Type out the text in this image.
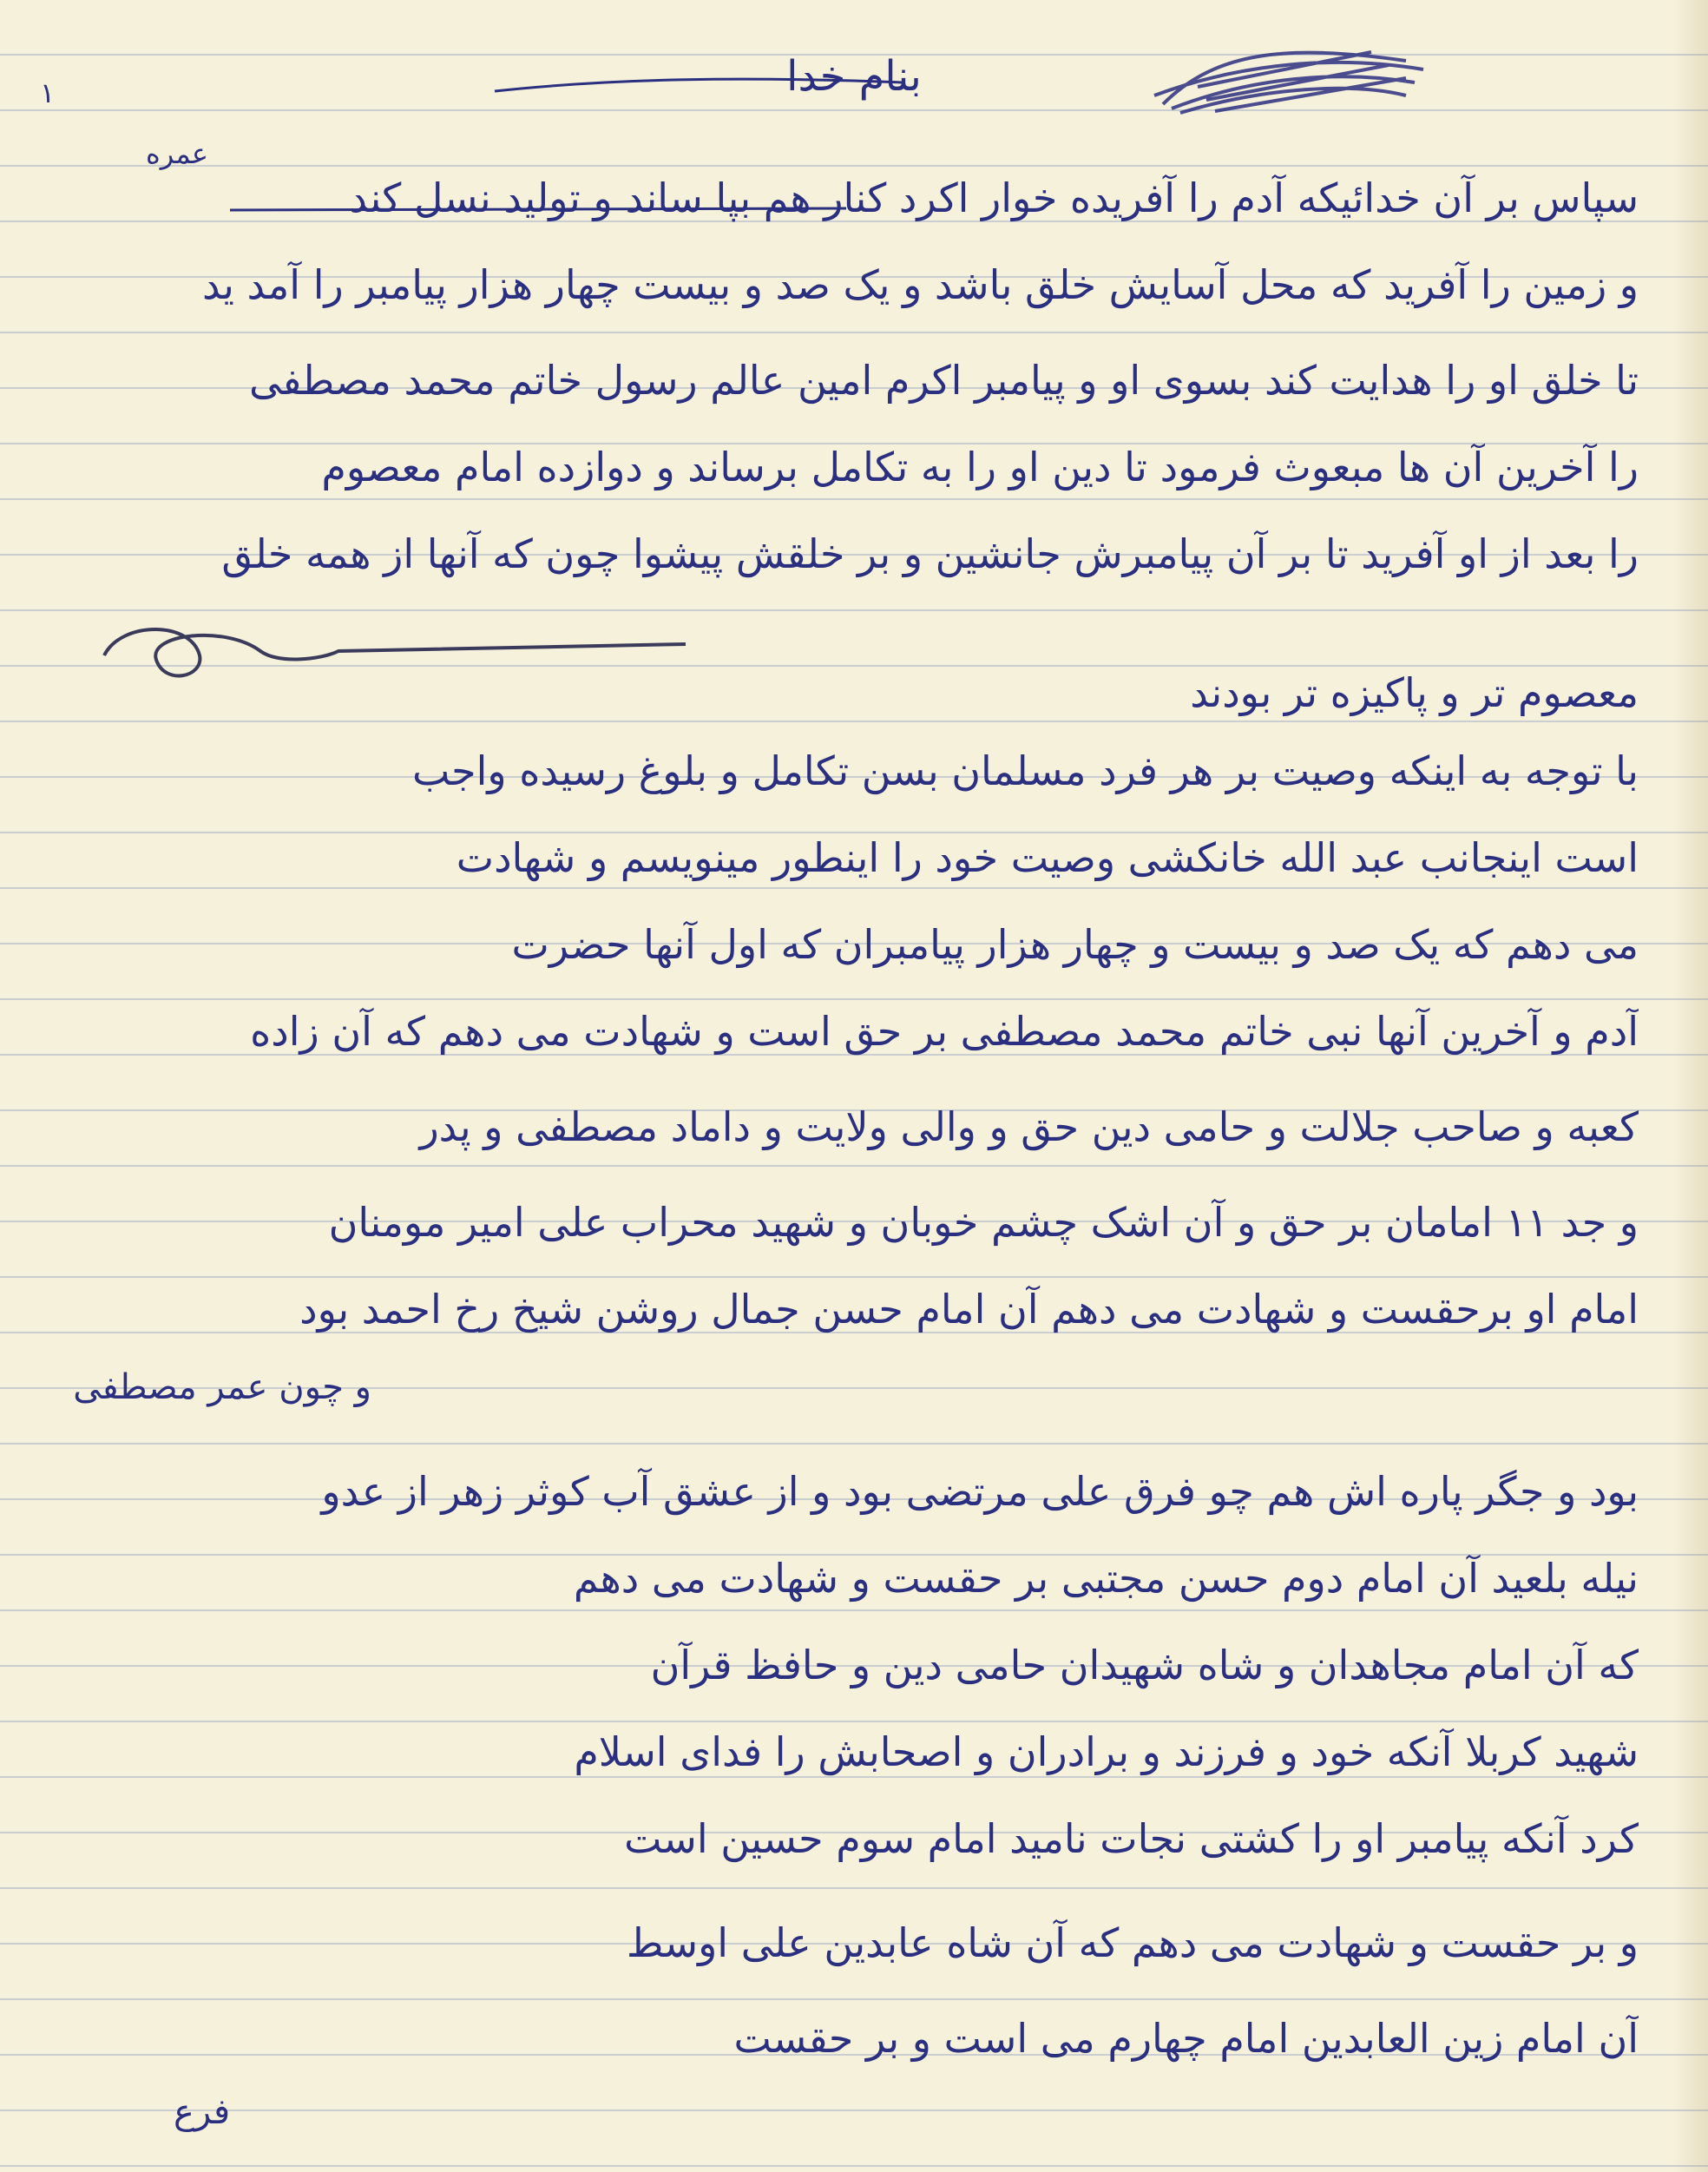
١	بنام خدا
عمره
سپاس بر آن خدائیکه آدم را آفریده خوار اکرد کنار هم بپا ساند و تولید نسل کند
و زمین را آفرید که محل آسایش خلق باشد و یک صد و بیست چهار هزار پیامبر را آمد ید
تا خلق او را هدایت کند بسوی او و پیامبر اکرم امین عالم رسول خاتم محمد مصطفی
را آخرین آن ها مبعوث فرمود تا دین او را به تکامل برساند و دوازده امام معصوم
را بعد از او آفرید تا بر آن پیامبرش جانشین و بر خلقش پیشوا چون که آنها از همه خلق
معصوم تر و پاکیزه تر بودند
با توجه به اینکه وصیت بر هر فرد مسلمان بسن تکامل و بلوغ رسیده واجب
است اینجانب عبد الله خانکشی وصیت خود را اینطور مینویسم و شهادت
می دهم که یک صد و بیست و چهار هزار پیامبران که اول آنها حضرت
آدم و آخرین آنها نبی خاتم محمد مصطفی بر حق است و شهادت می دهم که آن زاده
کعبه و صاحب جلالت و حامی دین حق و والی ولایت و داماد مصطفی و پدر
و جد ۱۱ امامان بر حق و آن اشک چشم خوبان و شهید محراب علی امیر مومنان
امام او برحقست و شهادت می دهم آن امام حسن جمال روشن شیخ رخ احمد بود
و چون عمر مصطفی
بود و جگر پاره اش هم چو فرق علی مرتضی بود و از عشق آب کوثر زهر از عدو
نیله بلعید آن امام دوم حسن مجتبی بر حقست و شهادت می دهم
که آن امام مجاهدان و شاه شهیدان حامی دین و حافظ قرآن
شهید کربلا آنکه خود و فرزند و برادران و اصحابش را فدای اسلام
کرد آنکه پیامبر او را کشتی نجات نامید امام سوم حسین است
و بر حقست و شهادت می دهم که آن شاه عابدین علی اوسط
آن امام زین العابدین امام چهارم می است و بر حقست
فرع
